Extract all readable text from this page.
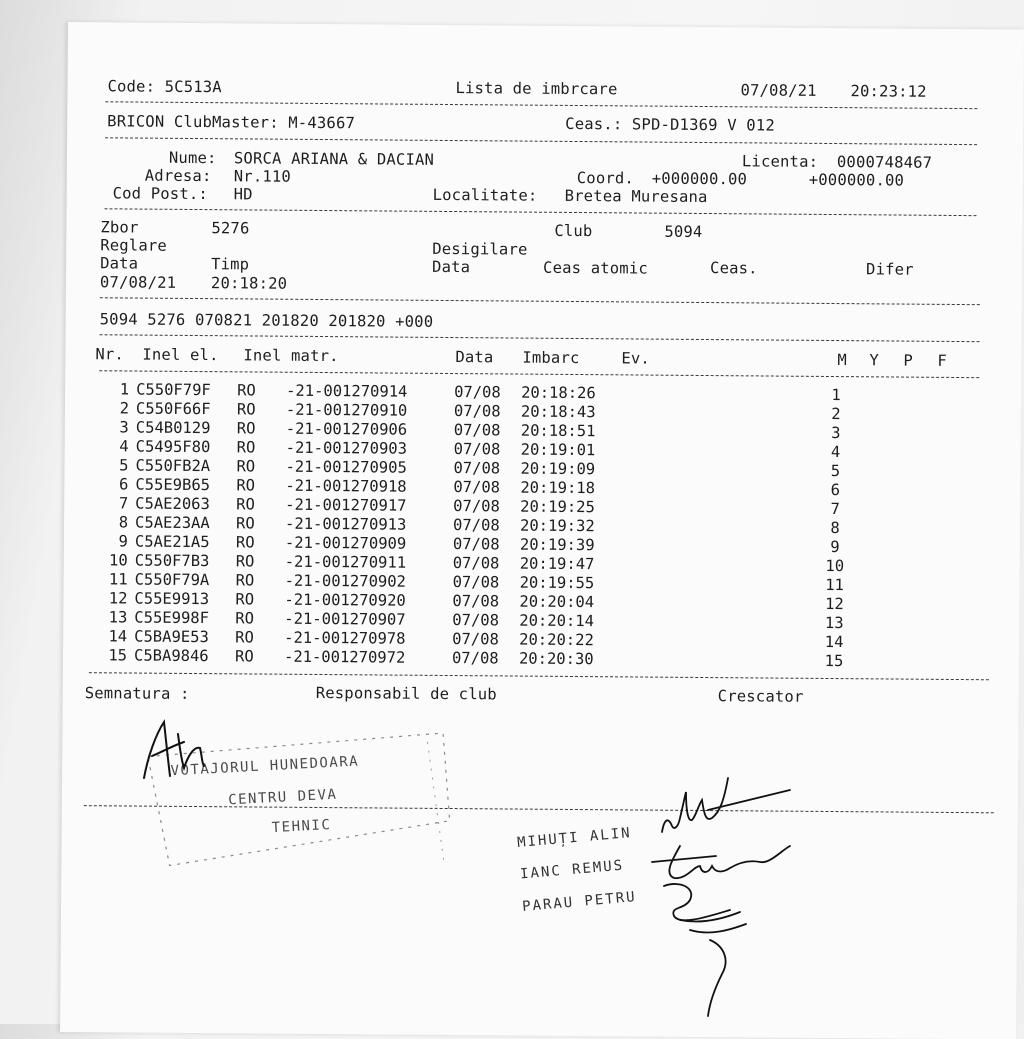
Code: 5C513A	Lista de imbrcare	07/08/21 20:23:12
BRICON ClubMaster: M-43667	Ceas.: SPD-D1369 V 012
Nume: SORCA ARIANA & DACIAN	Licenta: 0000748467
Adresa: Nr.110	Coord. +000000.00	+000000.00
Cod Post.: HD	Localitate: Bretea Muresana
Zbor	5276	Club	5094
Reglare	Desigilare
Data	Timp	Data	Ceas atomic	Ceas.	Difer
07/08/21 20:18:20
5094 5276 070821 201820 201820 +000
Nr. Inel el. Inel matr.	Data Imbarc	Ev.	M Y P F
1 C550F79F RO -21-001270914	07/08 20:18:26	1
2 C550F66F RO -21-001270910	07/08 20:18:43	2
3 C54B0129 RO -21-001270906	07/08 20:18:51	3
4 C5495F80 RO -21-001270903	07/08 20:19:01	4
5 C550FB2A RO -21-001270905	07/08 20:19:09	5
6 C55E9B65 RO -21-001270918	07/08 20:19:18	6
7 C5AE2063 RO -21-001270917	07/08 20:19:25	7
8 C5AE23AA RO -21-001270913	07/08 20:19:32	8
9 C5AE21A5 RO -21-001270909	07/08 20:19:39	9
10 C550F7B3 RO -21-001270911	07/08 20:19:47	10
11 C550F79A RO -21-001270902	07/08 20:19:55	11
12 C55E9913 RO -21-001270920	07/08 20:20:04	12
13 C55E998F RO -21-001270907	07/08 20:20:14	13
14 C5BA9E53 RO -21-001270978	07/08 20:20:22	14
15 C5BA9846 RO -21-001270972	07/08 20:20:30	15
Semnatura :	Responsabil de club	Crescator
VOTAJORUL HUNEDOARA
CENTRU DEVA
TEHNIC	MIHUȚI ALIN
IANC REMUS
PARAU PETRU
